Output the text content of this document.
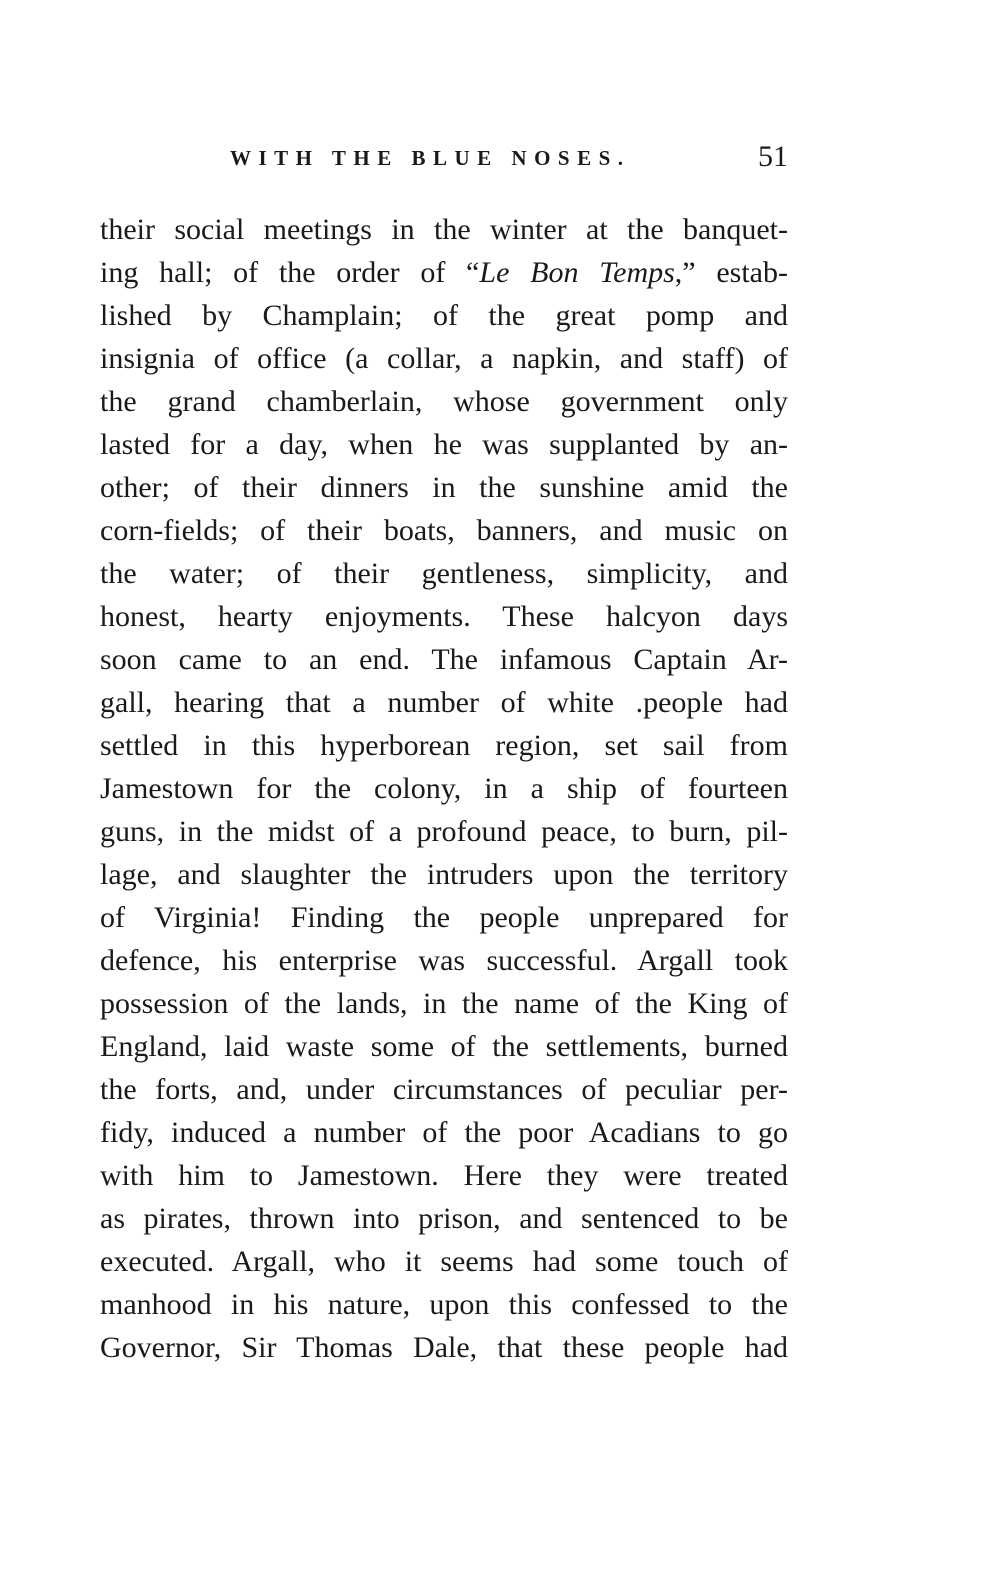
WITH THE BLUE NOSES.	51
their social meetings in the winter at the banquet-
ing hall; of the order of “Le Bon Temps,” estab-
lished by Champlain; of the great pomp and
insignia of office (a collar, a napkin, and staff) of
the grand chamberlain, whose government only
lasted for a day, when he was supplanted by an-
other; of their dinners in the sunshine amid the
corn-fields; of their boats, banners, and music on
the water; of their gentleness, simplicity, and
honest, hearty enjoyments. These halcyon days
soon came to an end. The infamous Captain Ar-
gall, hearing that a number of white .people had
settled in this hyperborean region, set sail from
Jamestown for the colony, in a ship of fourteen
guns, in the midst of a profound peace, to burn, pil-
lage, and slaughter the intruders upon the territory
of Virginia! Finding the people unprepared for
defence, his enterprise was successful. Argall took
possession of the lands, in the name of the King of
England, laid waste some of the settlements, burned
the forts, and, under circumstances of peculiar per-
fidy, induced a number of the poor Acadians to go
with him to Jamestown. Here they were treated
as pirates, thrown into prison, and sentenced to be
executed. Argall, who it seems had some touch of
manhood in his nature, upon this confessed to the
Governor, Sir Thomas Dale, that these people had
